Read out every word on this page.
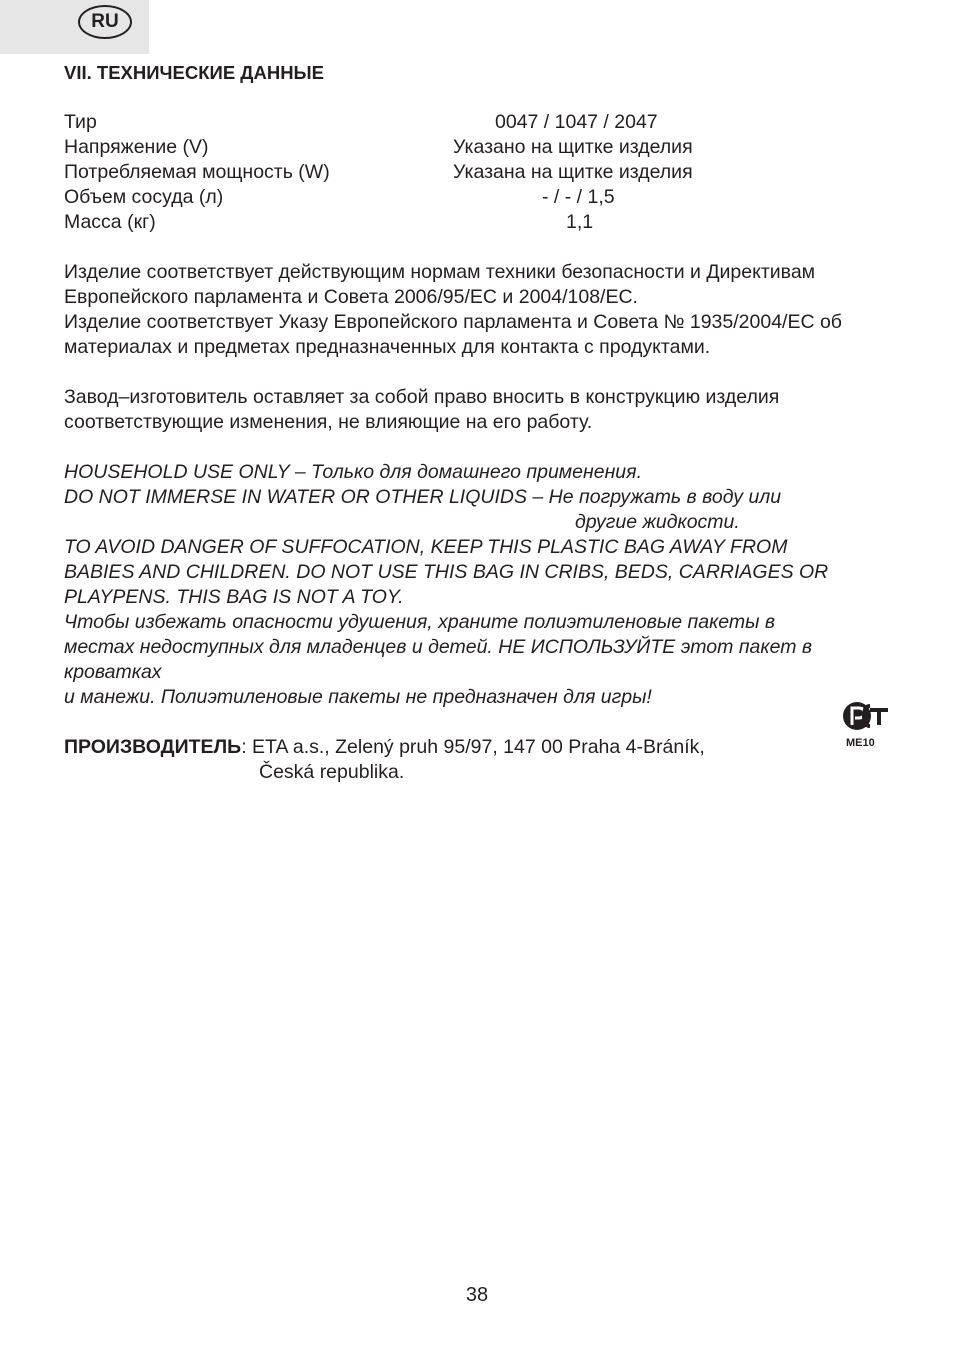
RU
VII. ТЕХНИЧЕСКИЕ ДАННЫЕ
Тир	0047 / 1047 / 2047
Напряжение (V)	Указано на щитке изделия
Потребляемая мощность (W)	Указана на щитке изделия
Объем сосуда (л)	- / - / 1,5
Масса (кг)	1,1
Изделие соответствует действующим нормам техники безопасности и Директивам
Европейского парламента и Совета 2006/95/ЕС и 2004/108/ЕС.
Изделие соответствует Указу Европейского парламента и Совета № 1935/2004/ЕС об
материалах и предметах предназначенных для контакта с продуктами.
Завод–изготовитель оставляет за собой право вносить в конструкцию изделия
соответствующие изменения, не влияющие на его работу.
HOUSEHOLD USE ONLY – Только для домашнего применения.
DO NOT IMMERSE IN WATER OR OTHER LIQUIDS – Не погружать в воду или
другие жидкости.
TO AVOID DANGER OF SUFFOCATION, KEEP THIS PLASTIC BAG AWAY FROM
BABIES AND CHILDREN. DO NOT USE THIS BAG IN CRIBS, BEDS, CARRIAGES OR
PLAYPENS. THIS BAG IS NOT A TOY.
Чтобы избежать опасности удушения, храните полиэтиленовые пакеты в
местах недоступных для младенцев и детей. НЕ ИСПОЛЬЗУЙТЕ этот пакет в
кроватках
и манежи. Полиэтиленовые пакеты не предназначен для игры!
ME10
ПРОИЗВОДИТЕЛЬ: ETA a.s., Zelený pruh 95/97, 147 00 Praha 4-Bráník,
Česká republika.
38
